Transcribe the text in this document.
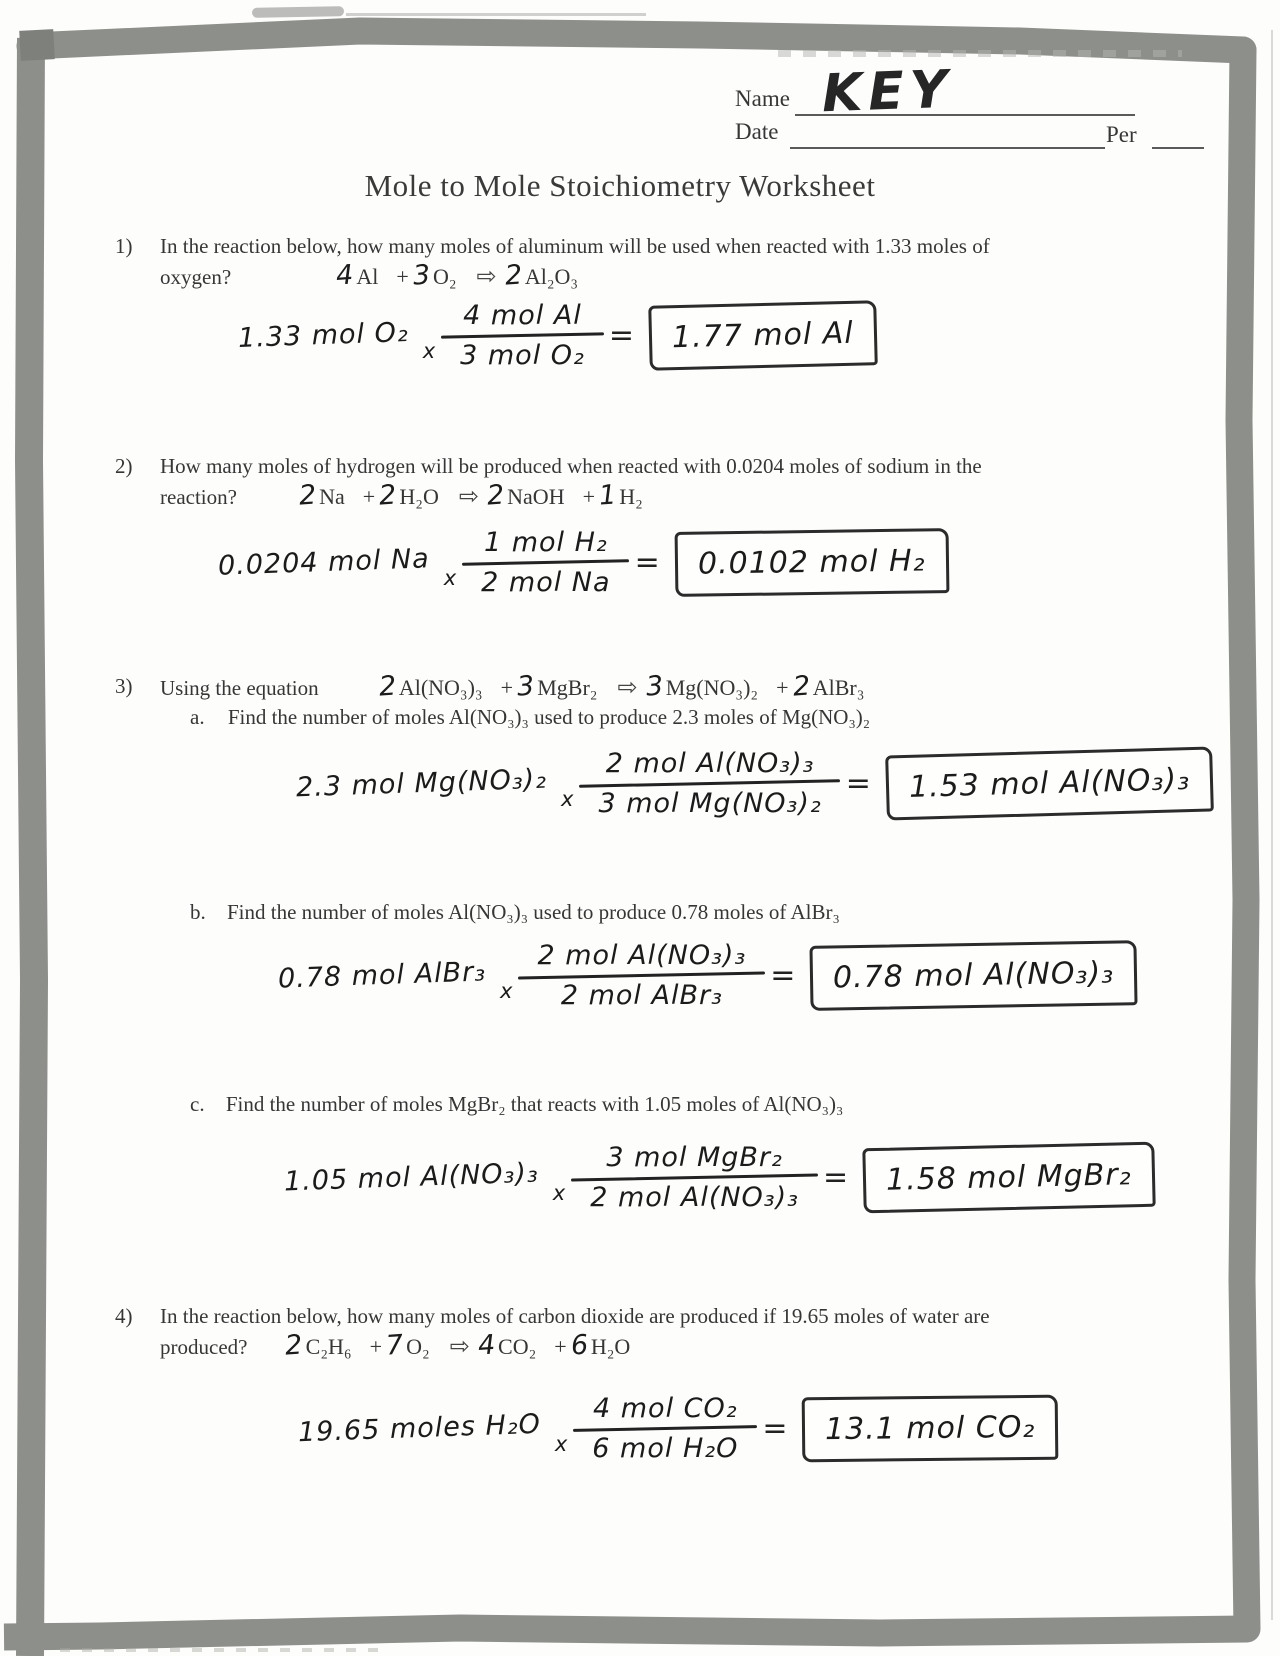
Name KEY
Date	Per
Mole to Mole Stoichiometry Worksheet
1)	In the reaction below, how many moles of aluminum will be used when reacted with 1.33 moles of
oxygen?	4 Al + 3 O₂ ⇨ 2 Al₂O₃
1.33 mol O₂ x
4 mol Al
3 mol O₂
=	1.77 mol Al
2)	How many moles of hydrogen will be produced when reacted with 0.0204 moles of sodium in the
reaction? 2 Na + 2 H₂O ⇨ 2 NaOH + 1 H₂
0.0204 mol Na x
1 mol H₂
2 mol Na
=	0.0102 mol H₂
3)	Using the equation 2 Al(NO₃)₃ + 3 MgBr₂ ⇨ 3 Mg(NO₃)₂ + 2 AlBr₃
a. Find the number of moles Al(NO₃)₃ used to produce 2.3 moles of Mg(NO₃)₂
2.3 mol Mg(NO₃)₂ x
2 mol Al(NO₃)₃
3 mol Mg(NO₃)₂
=	1.53 mol Al(NO₃)₃
b. Find the number of moles Al(NO₃)₃ used to produce 0.78 moles of AlBr₃
0.78 mol AlBr₃ x
2 mol Al(NO₃)₃
2 mol AlBr₃
=	0.78 mol Al(NO₃)₃
c. Find the number of moles MgBr₂ that reacts with 1.05 moles of Al(NO₃)₃
1.05 mol Al(NO₃)₃ x
3 mol MgBr₂
2 mol Al(NO₃)₃
=	1.58 mol MgBr₂
4)	In the reaction below, how many moles of carbon dioxide are produced if 19.65 moles of water are
produced? 2 C₂H₆ + 7 O₂ ⇨ 4 CO₂ + 6 H₂O
19.65 moles H₂O x
4 mol CO₂
6 mol H₂O
=	13.1 mol CO₂
